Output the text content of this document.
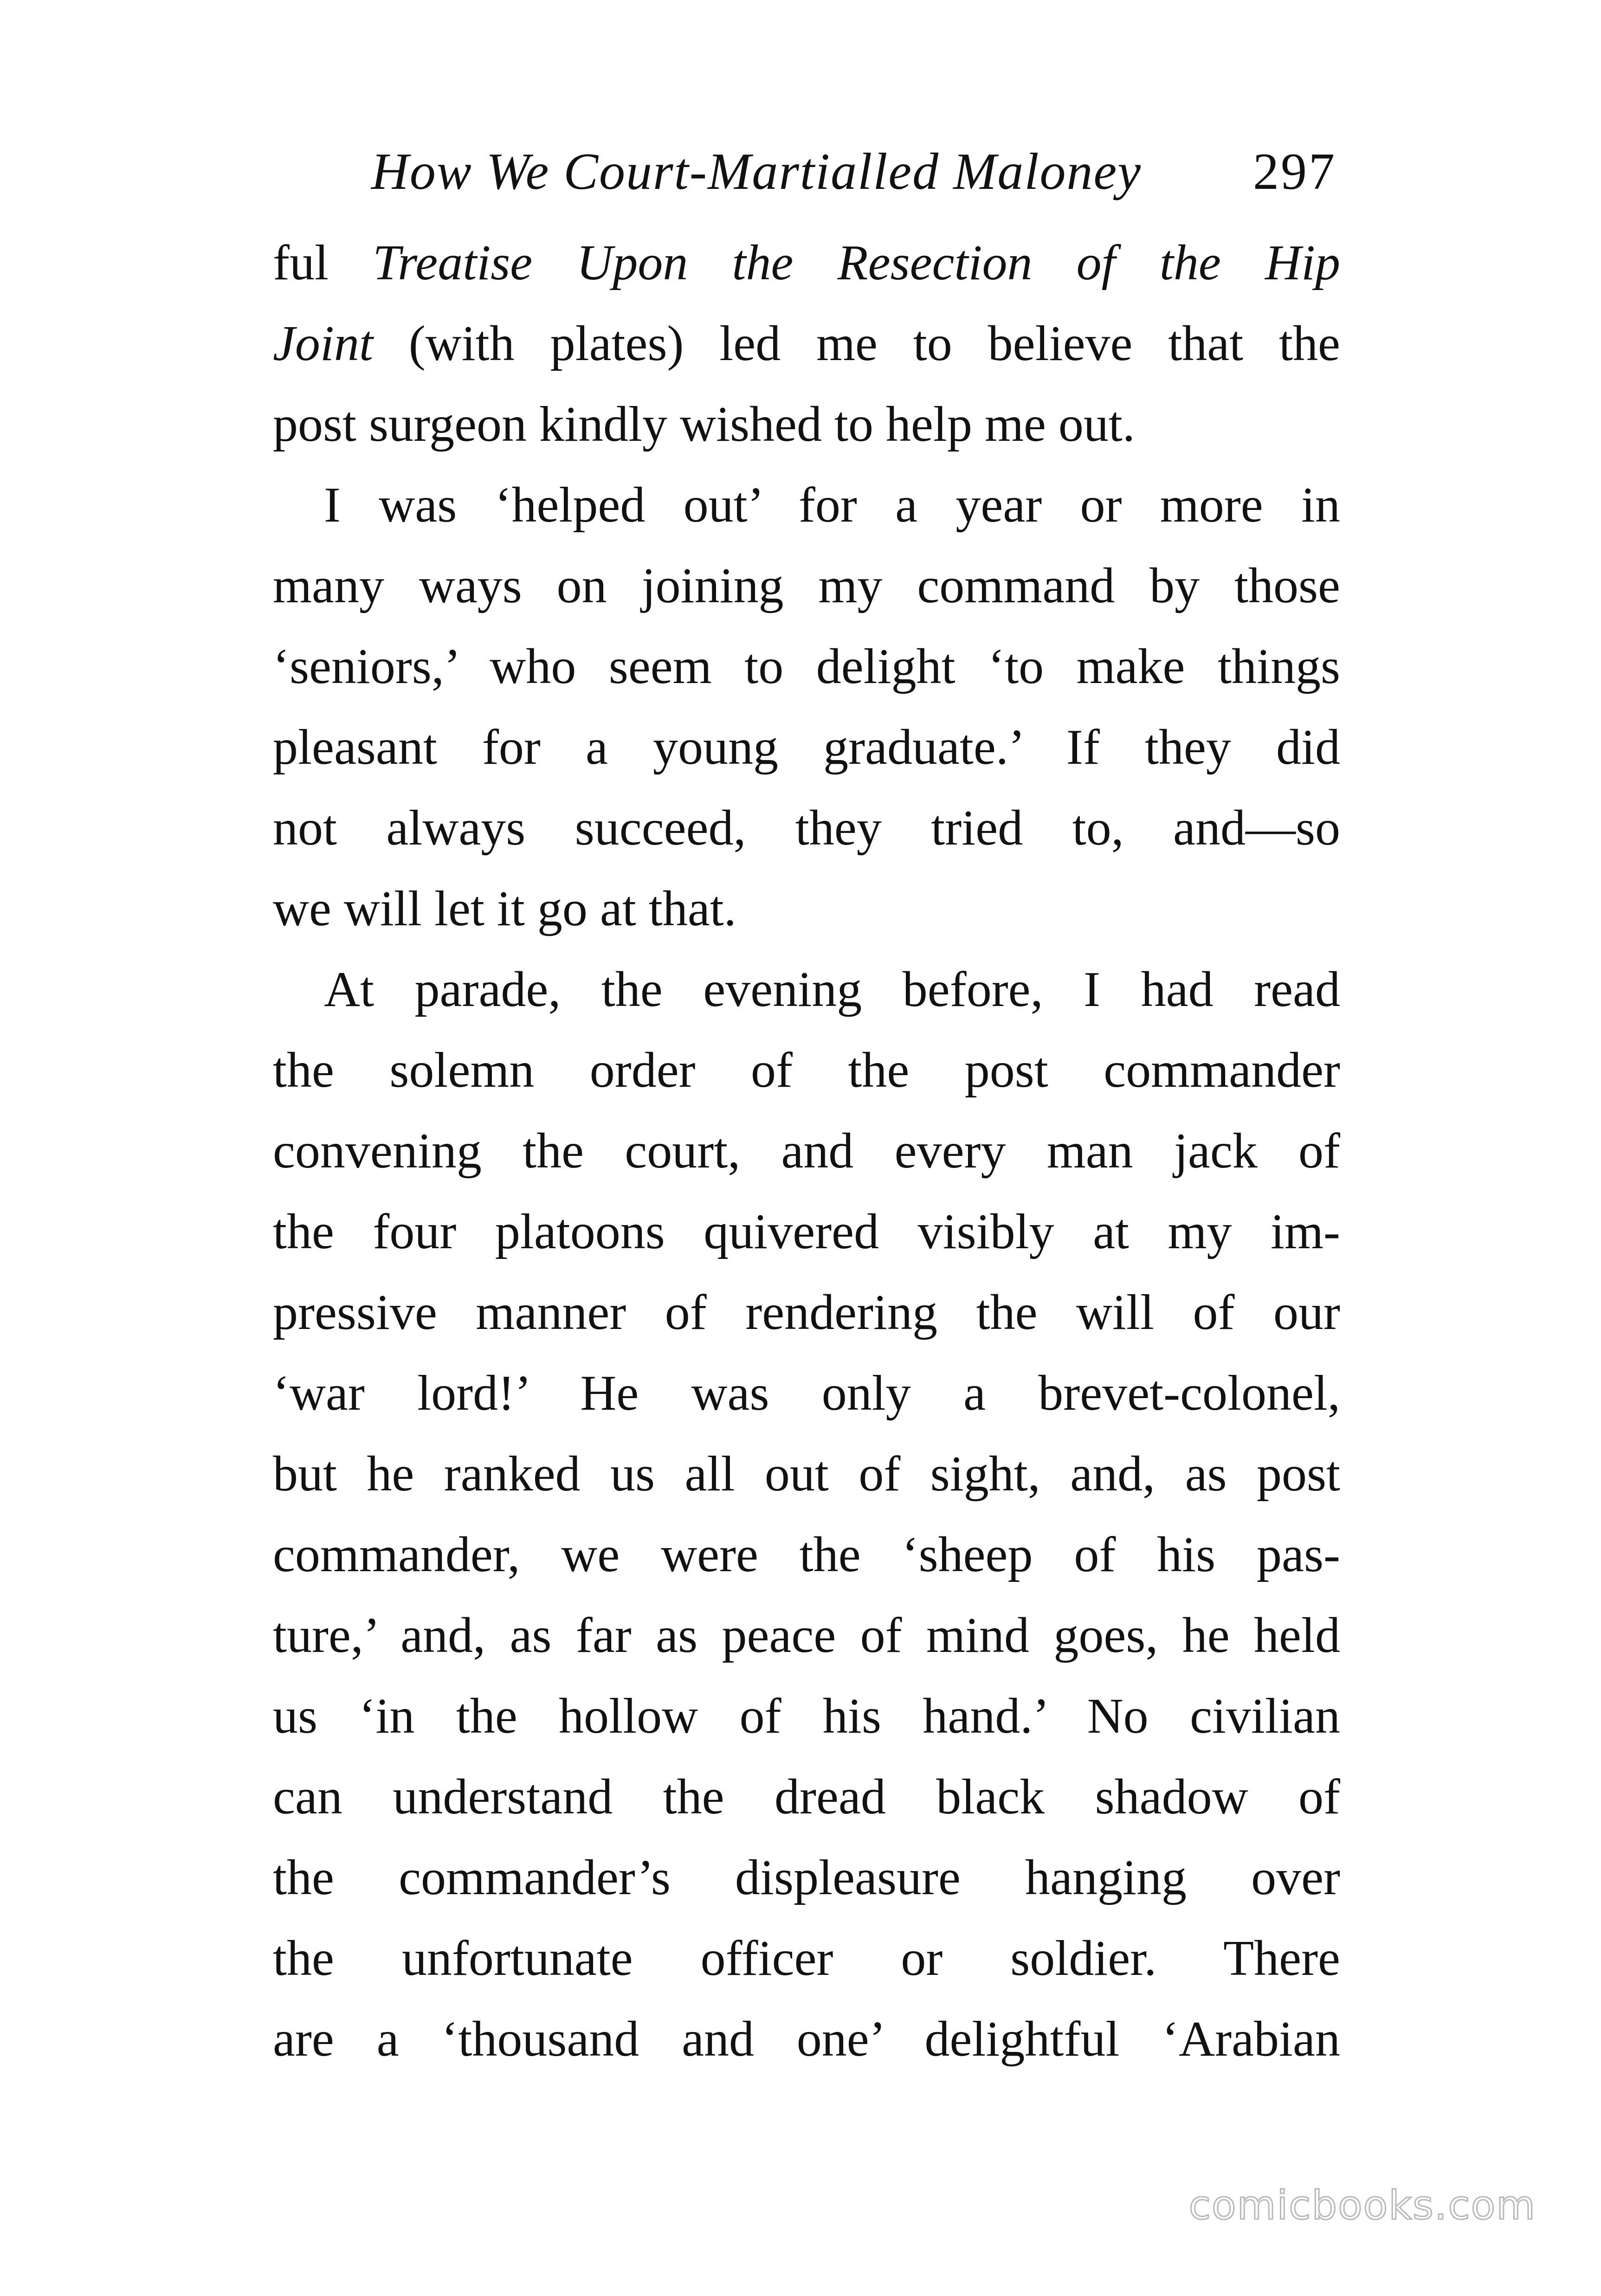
How We Court-Martialled Maloney 297
ful Treatise Upon the Resection of the Hip
Joint (with plates) led me to believe that the
post surgeon kindly wished to help me out.
I was ‘helped out’ for a year or more in
many ways on joining my command by those
‘seniors,’ who seem to delight ‘to make things
pleasant for a young graduate.’ If they did
not always succeed, they tried to, and—so
we will let it go at that.
At parade, the evening before, I had read
the solemn order of the post commander
convening the court, and every man jack of
the four platoons quivered visibly at my im-
pressive manner of rendering the will of our
‘war lord!’ He was only a brevet-colonel,
but he ranked us all out of sight, and, as post
commander, we were the ‘sheep of his pas-
ture,’ and, as far as peace of mind goes, he held
us ‘in the hollow of his hand.’ No civilian
can understand the dread black shadow of
the commander’s displeasure hanging over
the unfortunate officer or soldier. There
are a ‘thousand and one’ delightful ‘Arabian
comicbooks.com
